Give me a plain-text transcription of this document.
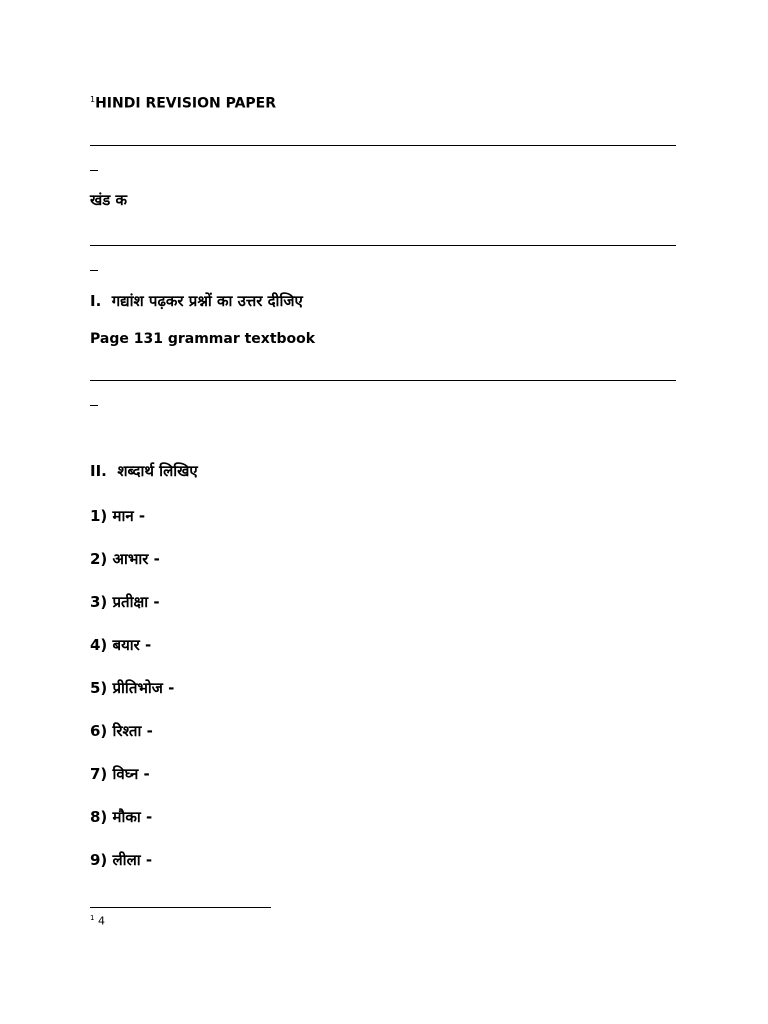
$^1$HINDI REVISION PAPER
खंड क
I. गद्यांश पढ़कर प्रश्नों का उत्तर दीजिए
Page 131 grammar textbook
II. शब्दार्थ लिखिए
1) मान -
2) आभार -
3) प्रतीक्षा -
4) बयार -
5) प्रीतिभोज -
6) रिश्ता -
7) विघ्न -
8) मौका -
9) लीला -
$^1$ 4
